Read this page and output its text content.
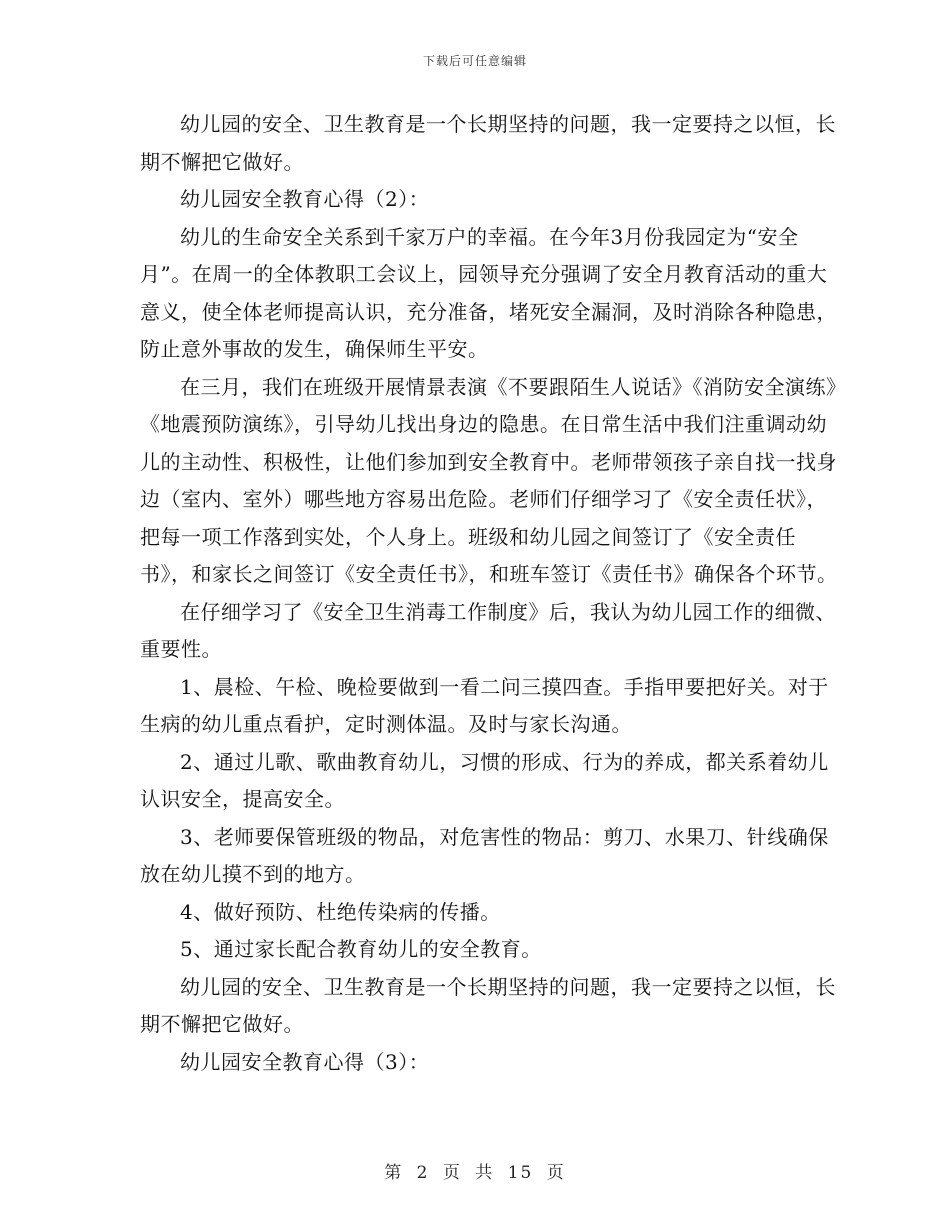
下载后可任意编辑

幼儿园的安全、卫生教育是一个长期坚持的问题，我一定要持之以恒，长期不懈把它做好。

幼儿园安全教育心得（2）：

幼儿的生命安全关系到千家万户的幸福。在今年3月份我园定为“安全月”。在周一的全体教职工会议上，园领导充分强调了安全月教育活动的重大意义，使全体老师提高认识，充分准备，堵死安全漏洞，及时消除各种隐患，防止意外事故的发生，确保师生平安。

在三月，我们在班级开展情景表演《不要跟陌生人说话》《消防安全演练》《地震预防演练》，引导幼儿找出身边的隐患。在日常生活中我们注重调动幼儿的主动性、积极性，让他们参加到安全教育中。老师带领孩子亲自找一找身边（室内、室外）哪些地方容易出危险。老师们仔细学习了《安全责任状》，把每一项工作落到实处，个人身上。班级和幼儿园之间签订了《安全责任书》，和家长之间签订《安全责任书》，和班车签订《责任书》确保各个环节。

在仔细学习了《安全卫生消毒工作制度》后，我认为幼儿园工作的细微、重要性。

1、晨检、午检、晚检要做到一看二问三摸四查。手指甲要把好关。对于生病的幼儿重点看护，定时测体温。及时与家长沟通。

2、通过儿歌、歌曲教育幼儿，习惯的形成、行为的养成，都关系着幼儿认识安全，提高安全。

3、老师要保管班级的物品，对危害性的物品：剪刀、水果刀、针线确保放在幼儿摸不到的地方。

4、做好预防、杜绝传染病的传播。

5、通过家长配合教育幼儿的安全教育。

幼儿园的安全、卫生教育是一个长期坚持的问题，我一定要持之以恒，长期不懈把它做好。

幼儿园安全教育心得（3）：

第 2 页 共 15 页
